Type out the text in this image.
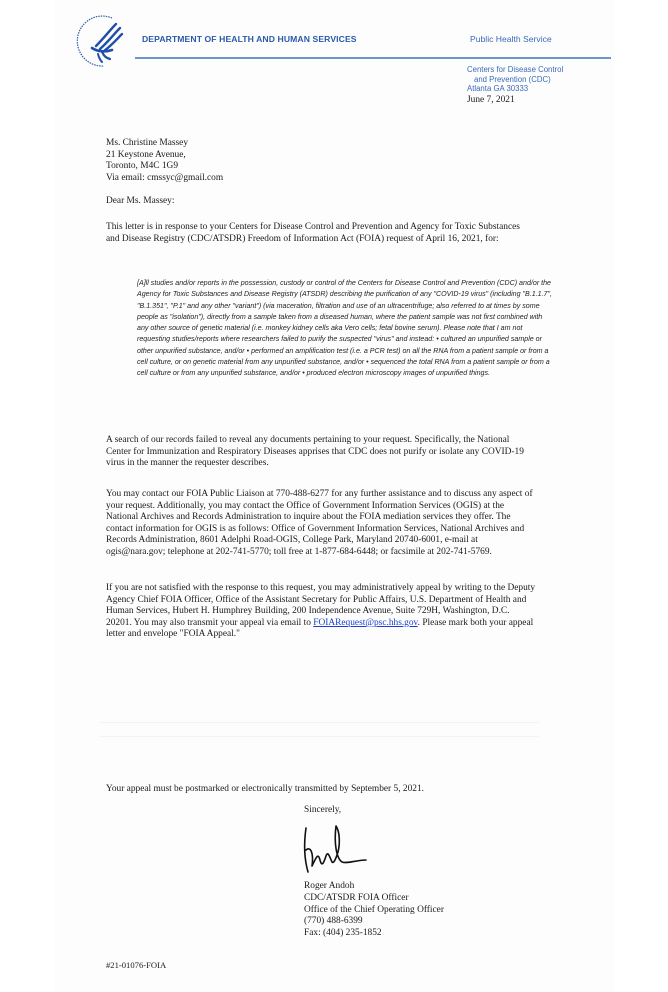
DEPARTMENT OF HEALTH AND HUMAN SERVICES	Public Health Service
Centers for Disease Control
and Prevention (CDC)
Atlanta GA 30333
June 7, 2021
Ms. Christine Massey
21 Keystone Avenue,
Toronto, M4C 1G9
Via email: cmssyc@gmail.com
Dear Ms. Massey:

This letter is in response to your Centers for Disease Control and Prevention and Agency for Toxic Substances and Disease Registry (CDC/ATSDR) Freedom of Information Act (FOIA) request of April 16, 2021, for:

[A]ll studies and/or reports in the possession, custody or control of the Centers for Disease Control and Prevention (CDC) and/or the Agency for Toxic Substances and Disease Registry (ATSDR) describing the purification of any "COVID-19 virus" (including "B.1.1.7", "B.1.351", "P.1" and any other "variant") (via maceration, filtration and use of an ultracentrifuge; also referred to at times by some people as "isolation"), directly from a sample taken from a diseased human, where the patient sample was not first combined with any other source of genetic material (i.e. monkey kidney cells aka Vero cells; fetal bovine serum). Please note that I am not requesting studies/reports where researchers failed to purify the suspected "virus" and instead: • cultured an unpurified sample or other unpurified substance, and/or • performed an amplification test (i.e. a PCR test) on all the RNA from a patient sample or from a cell culture, or on genetic material from any unpurified substance, and/or • sequenced the total RNA from a patient sample or from a cell culture or from any unpurified substance, and/or • produced electron microscopy images of unpurified things.

A search of our records failed to reveal any documents pertaining to your request. Specifically, the National Center for Immunization and Respiratory Diseases apprises that CDC does not purify or isolate any COVID-19 virus in the manner the requester describes.

You may contact our FOIA Public Liaison at 770-488-6277 for any further assistance and to discuss any aspect of your request. Additionally, you may contact the Office of Government Information Services (OGIS) at the National Archives and Records Administration to inquire about the FOIA mediation services they offer. The contact information for OGIS is as follows: Office of Government Information Services, National Archives and Records Administration, 8601 Adelphi Road-OGIS, College Park, Maryland 20740-6001, e-mail at ogis@nara.gov; telephone at 202-741-5770; toll free at 1-877-684-6448; or facsimile at 202-741-5769.

If you are not satisfied with the response to this request, you may administratively appeal by writing to the Deputy Agency Chief FOIA Officer, Office of the Assistant Secretary for Public Affairs, U.S. Department of Health and Human Services, Hubert H. Humphrey Building, 200 Independence Avenue, Suite 729H, Washington, D.C. 20201. You may also transmit your appeal via email to FOIARequest@psc.hhs.gov. Please mark both your appeal letter and envelope "FOIA Appeal."

Your appeal must be postmarked or electronically transmitted by September 5, 2021.
Sincerely,
Roger Andoh
CDC/ATSDR FOIA Officer
Office of the Chief Operating Officer
(770) 488-6399
Fax: (404) 235-1852
#21-01076-FOIA
